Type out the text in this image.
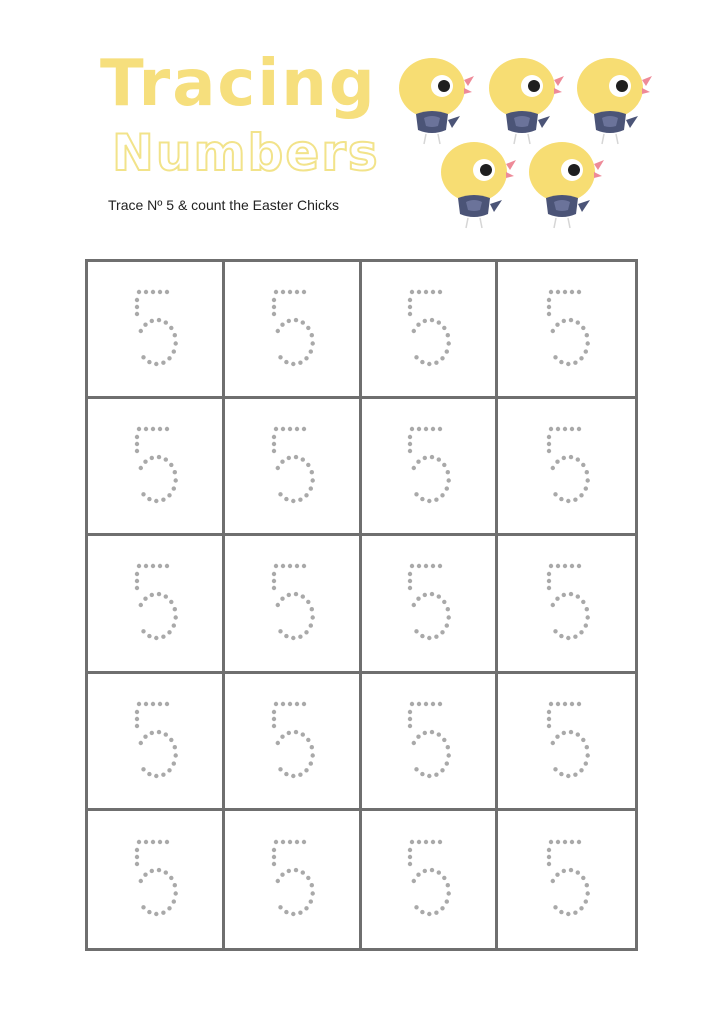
Tracing
Numbers

Trace Nº 5 & count the Easter Chicks
